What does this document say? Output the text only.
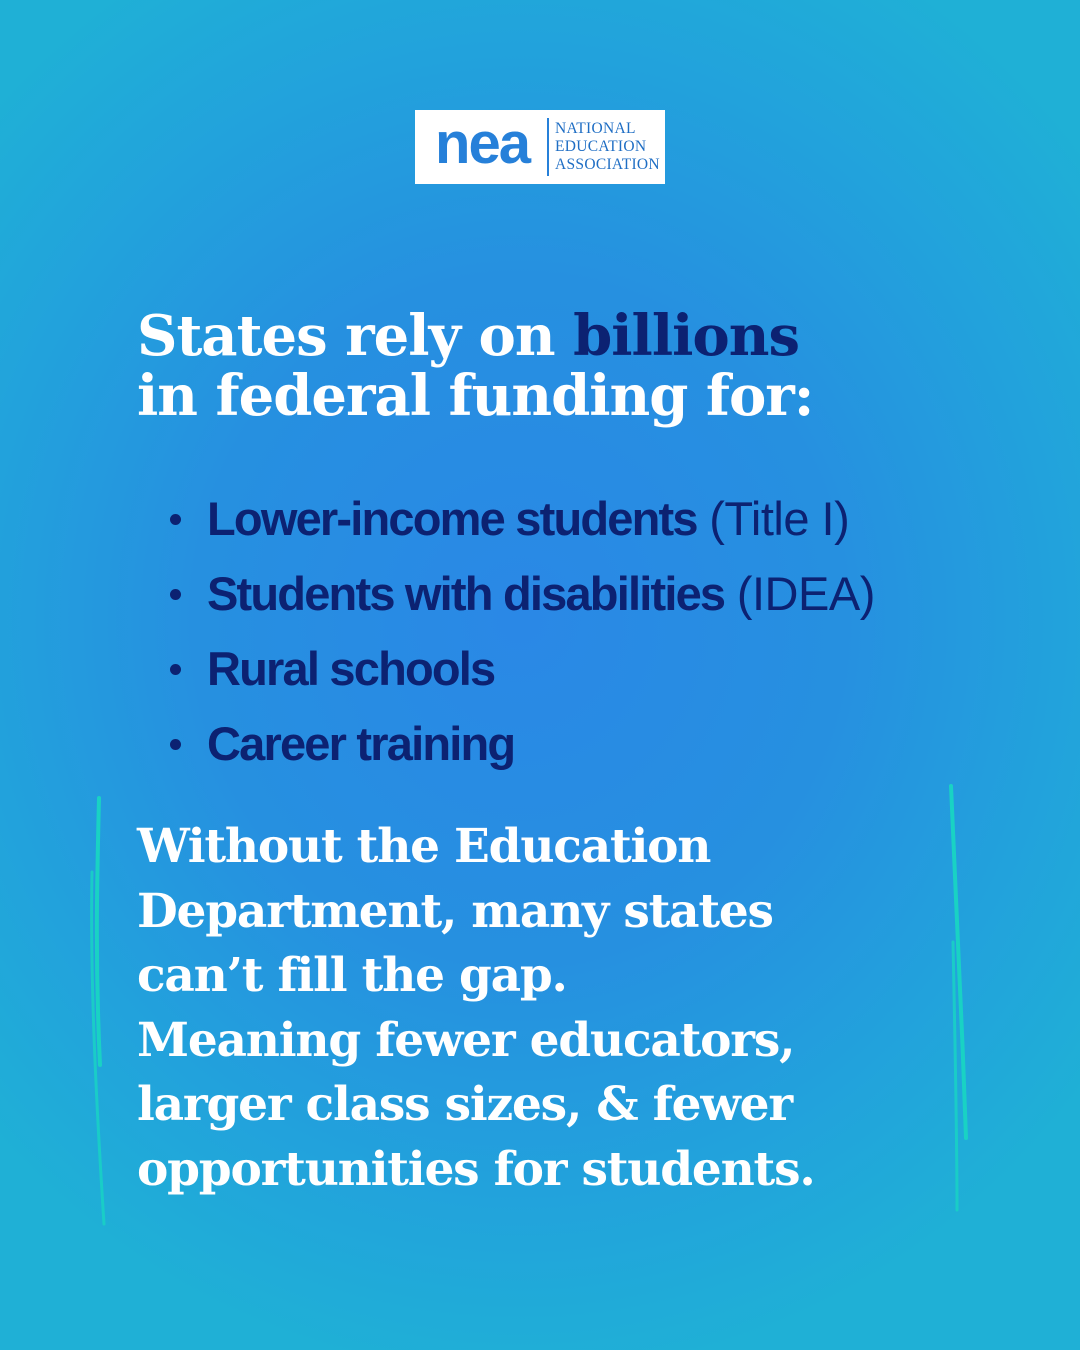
nea	NATIONAL
EDUCATION
ASSOCIATION
States rely on billions
in federal funding for:
Lower-income students (Title I)
Students with disabilities (IDEA)
Rural schools
Career training

Without the Education
Department, many states
can’t fill the gap.
Meaning fewer educators,
larger class sizes, & fewer
opportunities for students.
